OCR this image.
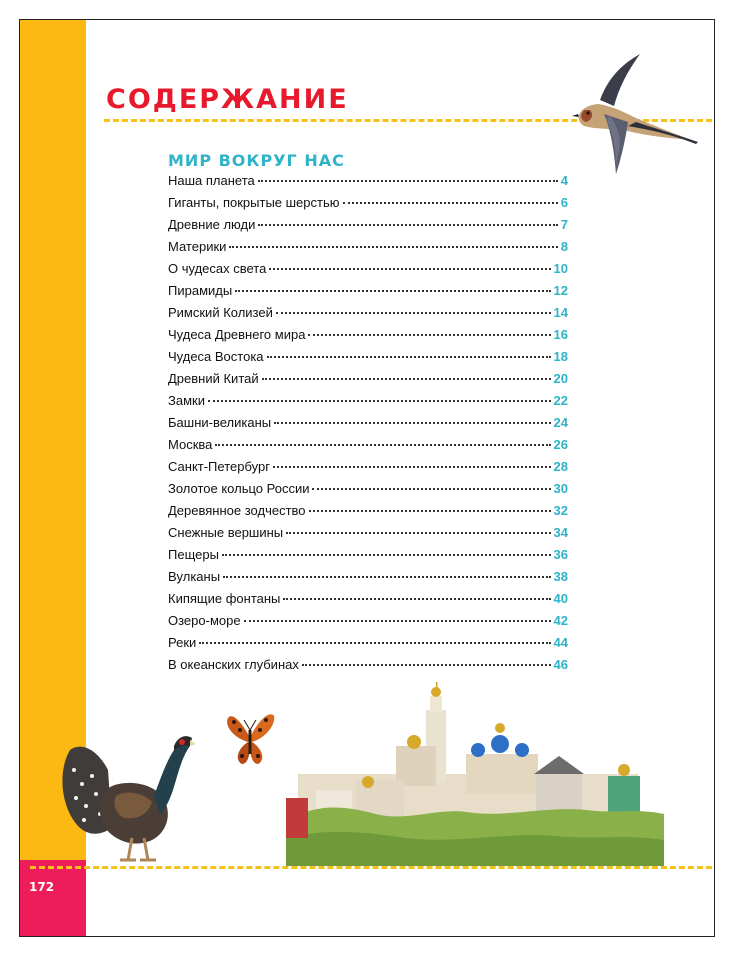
172
СОДЕРЖАНИЕ
МИР ВОКРУГ НАС
Наша планета	4
Гиганты, покрытые шерстью	6
Древние люди	7
Материки	8
О чудесах света	10
Пирамиды	12
Римский Колизей	14
Чудеса Древнего мира	16
Чудеса Востока	18
Древний Китай	20
Замки	22
Башни-великаны	24
Москва	26
Санкт-Петербург	28
Золотое кольцо России	30
Деревянное зодчество	32
Снежные вершины	34
Пещеры	36
Вулканы	38
Кипящие фонтаны	40
Озеро-море	42
Реки	44
В океанских глубинах	46
